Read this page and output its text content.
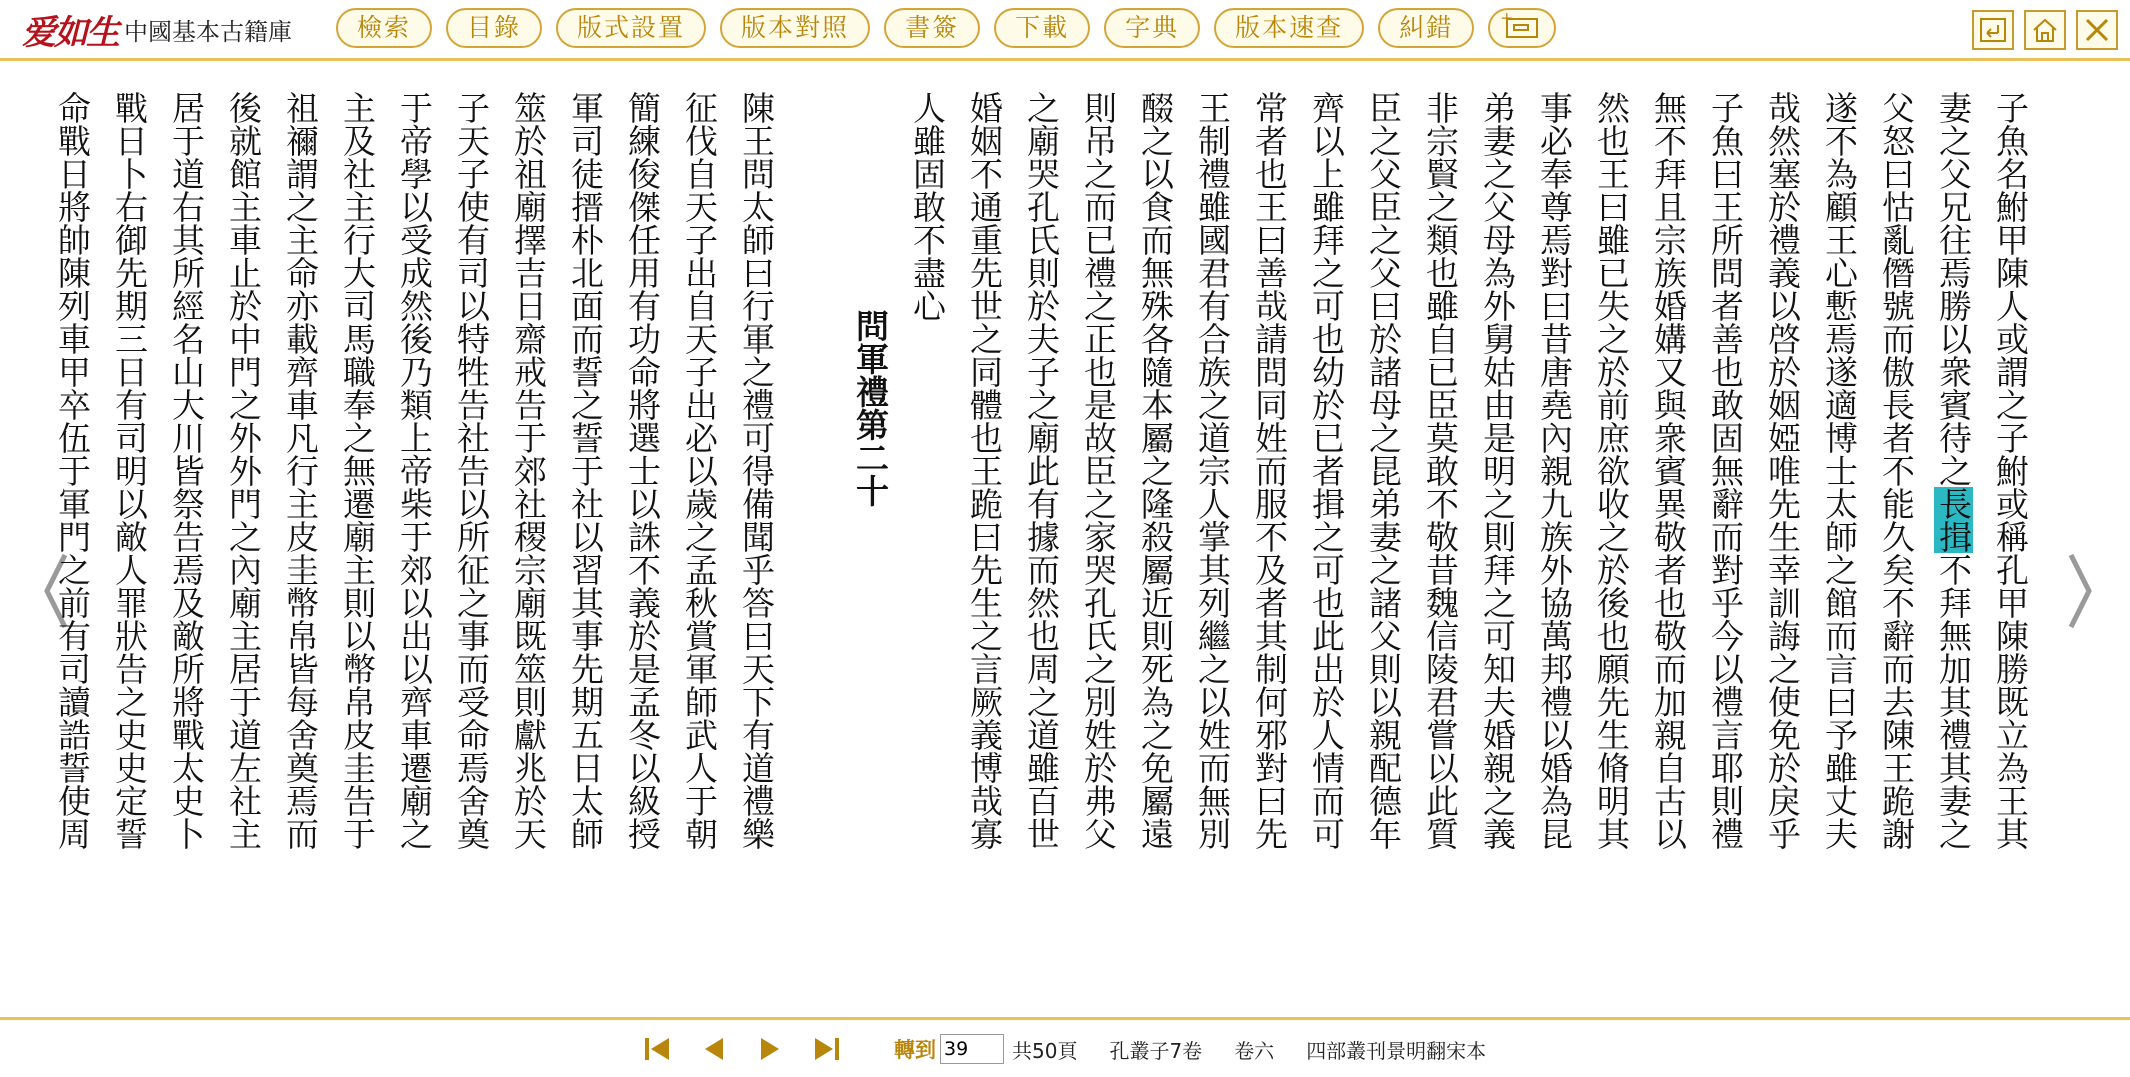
爱如生 中國基本古籍庫	檢索	目錄	版式設置	版本對照	書簽	下載	字典	版本速查	糾錯	+
子魚名鮒甲陳人或謂之子鮒或稱孔甲陳勝既立為王其
妻之父兄往焉勝以衆賓待之長揖不拜無加其禮其妻之
父怒曰怙亂僭號而傲長者不能久矣不辭而去陳王跪謝
遂不為顧王心慙焉遂適博士太師之館而言曰予雖丈夫
哉然塞於禮義以啓於姻婭唯先生幸訓誨之使免於戾乎
子魚曰王所問者善也敢固無辭而對乎今以禮言耶則禮
無不拜且宗族婚媾又與衆賓異敬者也敬而加親自古以
然也王曰雖已失之於前庶欲收之於後也願先生脩明其
事必奉尊焉對曰昔唐堯內親九族外協萬邦禮以婚為昆
弟妻之父母為外舅姑由是明之則拜之可知夫婚親之義
非宗賢之類也雖自已臣莫敢不敬昔魏信陵君嘗以此質
臣之父臣之父曰於諸母之昆弟妻之諸父則以親配德年
齊以上雖拜之可也幼於已者揖之可也此出於人情而可
常者也王曰善哉請問同姓而服不及者其制何邪對曰先
王制禮雖國君有合族之道宗人掌其列繼之以姓而無別
醊之以食而無殊各隨本屬之隆殺屬近則死為之免屬遠
則吊之而已禮之正也是故臣之家哭孔氏之別姓於弗父
之廟哭孔氏則於夫子之廟此有據而然也周之道雖百世
婚姻不通重先世之同體也王跪曰先生之言厥義博哉寡
人雖固敢不盡心
問軍禮第二十
陳王問太師曰行軍之禮可得備聞乎答曰天下有道禮樂
征伐自天子出自天子出必以歲之孟秋賞軍師武人于朝
簡練俊傑任用有功命將選士以誅不義於是孟冬以級授
軍司徒搢朴北面而誓之誓于社以習其事先期五日太師
筮於祖廟擇吉日齋戒告于郊社稷宗廟既筮則獻兆於天
子天子使有司以特牲告社告以所征之事而受命焉舍奠
于帝學以受成然後乃類上帝柴于郊以出以齊車遷廟之
主及社主行大司馬職奉之無遷廟主則以幣帛皮圭告于
祖禰謂之主命亦載齊車凡行主皮圭幣帛皆每舍奠焉而
後就館主車止於中門之外外門之內廟主居于道左社主
居于道右其所經名山大川皆祭告焉及敵所將戰太史卜
戰日卜右御先期三日有司明以敵人罪狀告之史史定誓
命戰日將帥陳列車甲卒伍于軍門之前有司讀誥誓使周
轉到
39	共50頁 孔叢子7卷 卷六 四部叢刊景明翻宋本
